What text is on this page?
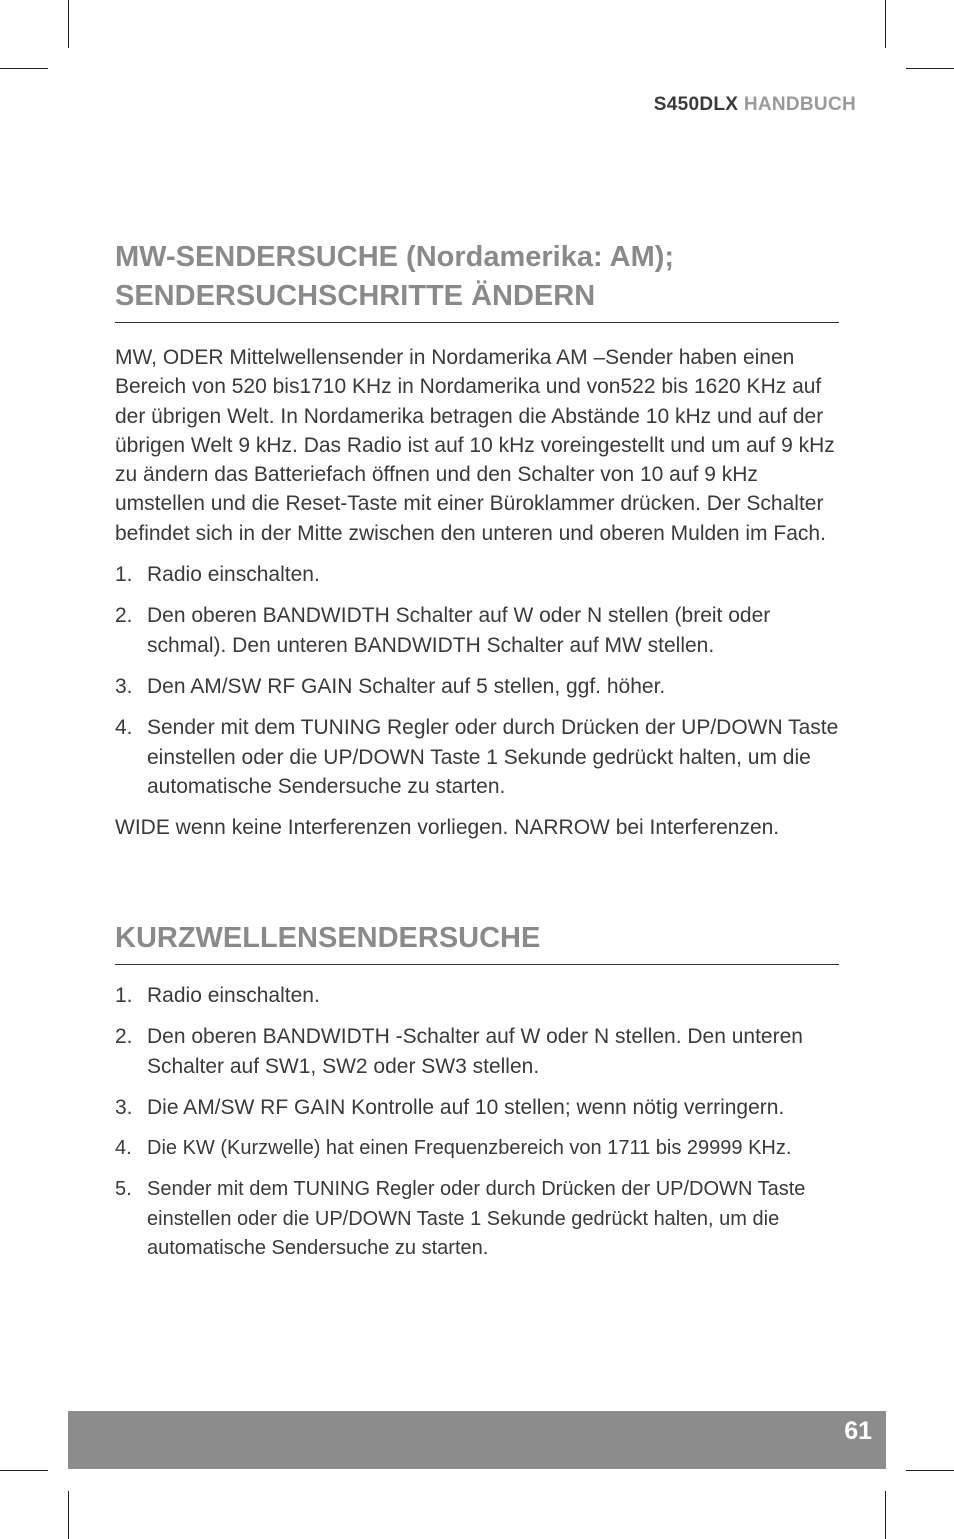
S450DLX HANDBUCH
MW-SENDERSUCHE (Nordamerika: AM);
SENDERSUCHSCHRITTE ÄNDERN

MW, ODER Mittelwellensender in Nordamerika AM –Sender haben einen Bereich von 520 bis1710 KHz in Nordamerika und von522 bis 1620 KHz auf der übrigen Welt. In Nordamerika betragen die Abstände 10 kHz und auf der übrigen Welt 9 kHz. Das Radio ist auf 10 kHz voreingestellt und um auf 9 kHz zu ändern das Batteriefach öffnen und den Schalter von 10 auf 9 kHz umstellen und die Reset-Taste mit einer Büroklammer drücken. Der Schalter befindet sich in der Mitte zwischen den unteren und oberen Mulden im Fach.

1. Radio einschalten.
2. Den oberen BANDWIDTH Schalter auf W oder N stellen (breit oder schmal). Den unteren BANDWIDTH Schalter auf MW stellen.
3. Den AM/SW RF GAIN Schalter auf 5 stellen, ggf. höher.
4. Sender mit dem TUNING Regler oder durch Drücken der UP/DOWN Taste einstellen oder die UP/DOWN Taste 1 Sekunde gedrückt halten, um die automatische Sendersuche zu starten.

WIDE wenn keine Interferenzen vorliegen. NARROW bei Interferenzen.

KURZWELLENSENDERSUCHE
1. Radio einschalten.
2. Den oberen BANDWIDTH -Schalter auf W oder N stellen. Den unteren Schalter auf SW1, SW2 oder SW3 stellen.
3. Die AM/SW RF GAIN Kontrolle auf 10 stellen; wenn nötig verringern.
4. Die KW (Kurzwelle) hat einen Frequenzbereich von 1711 bis 29999 KHz.
5. Sender mit dem TUNING Regler oder durch Drücken der UP/DOWN Taste einstellen oder die UP/DOWN Taste 1 Sekunde gedrückt halten, um die automatische Sendersuche zu starten.
61
